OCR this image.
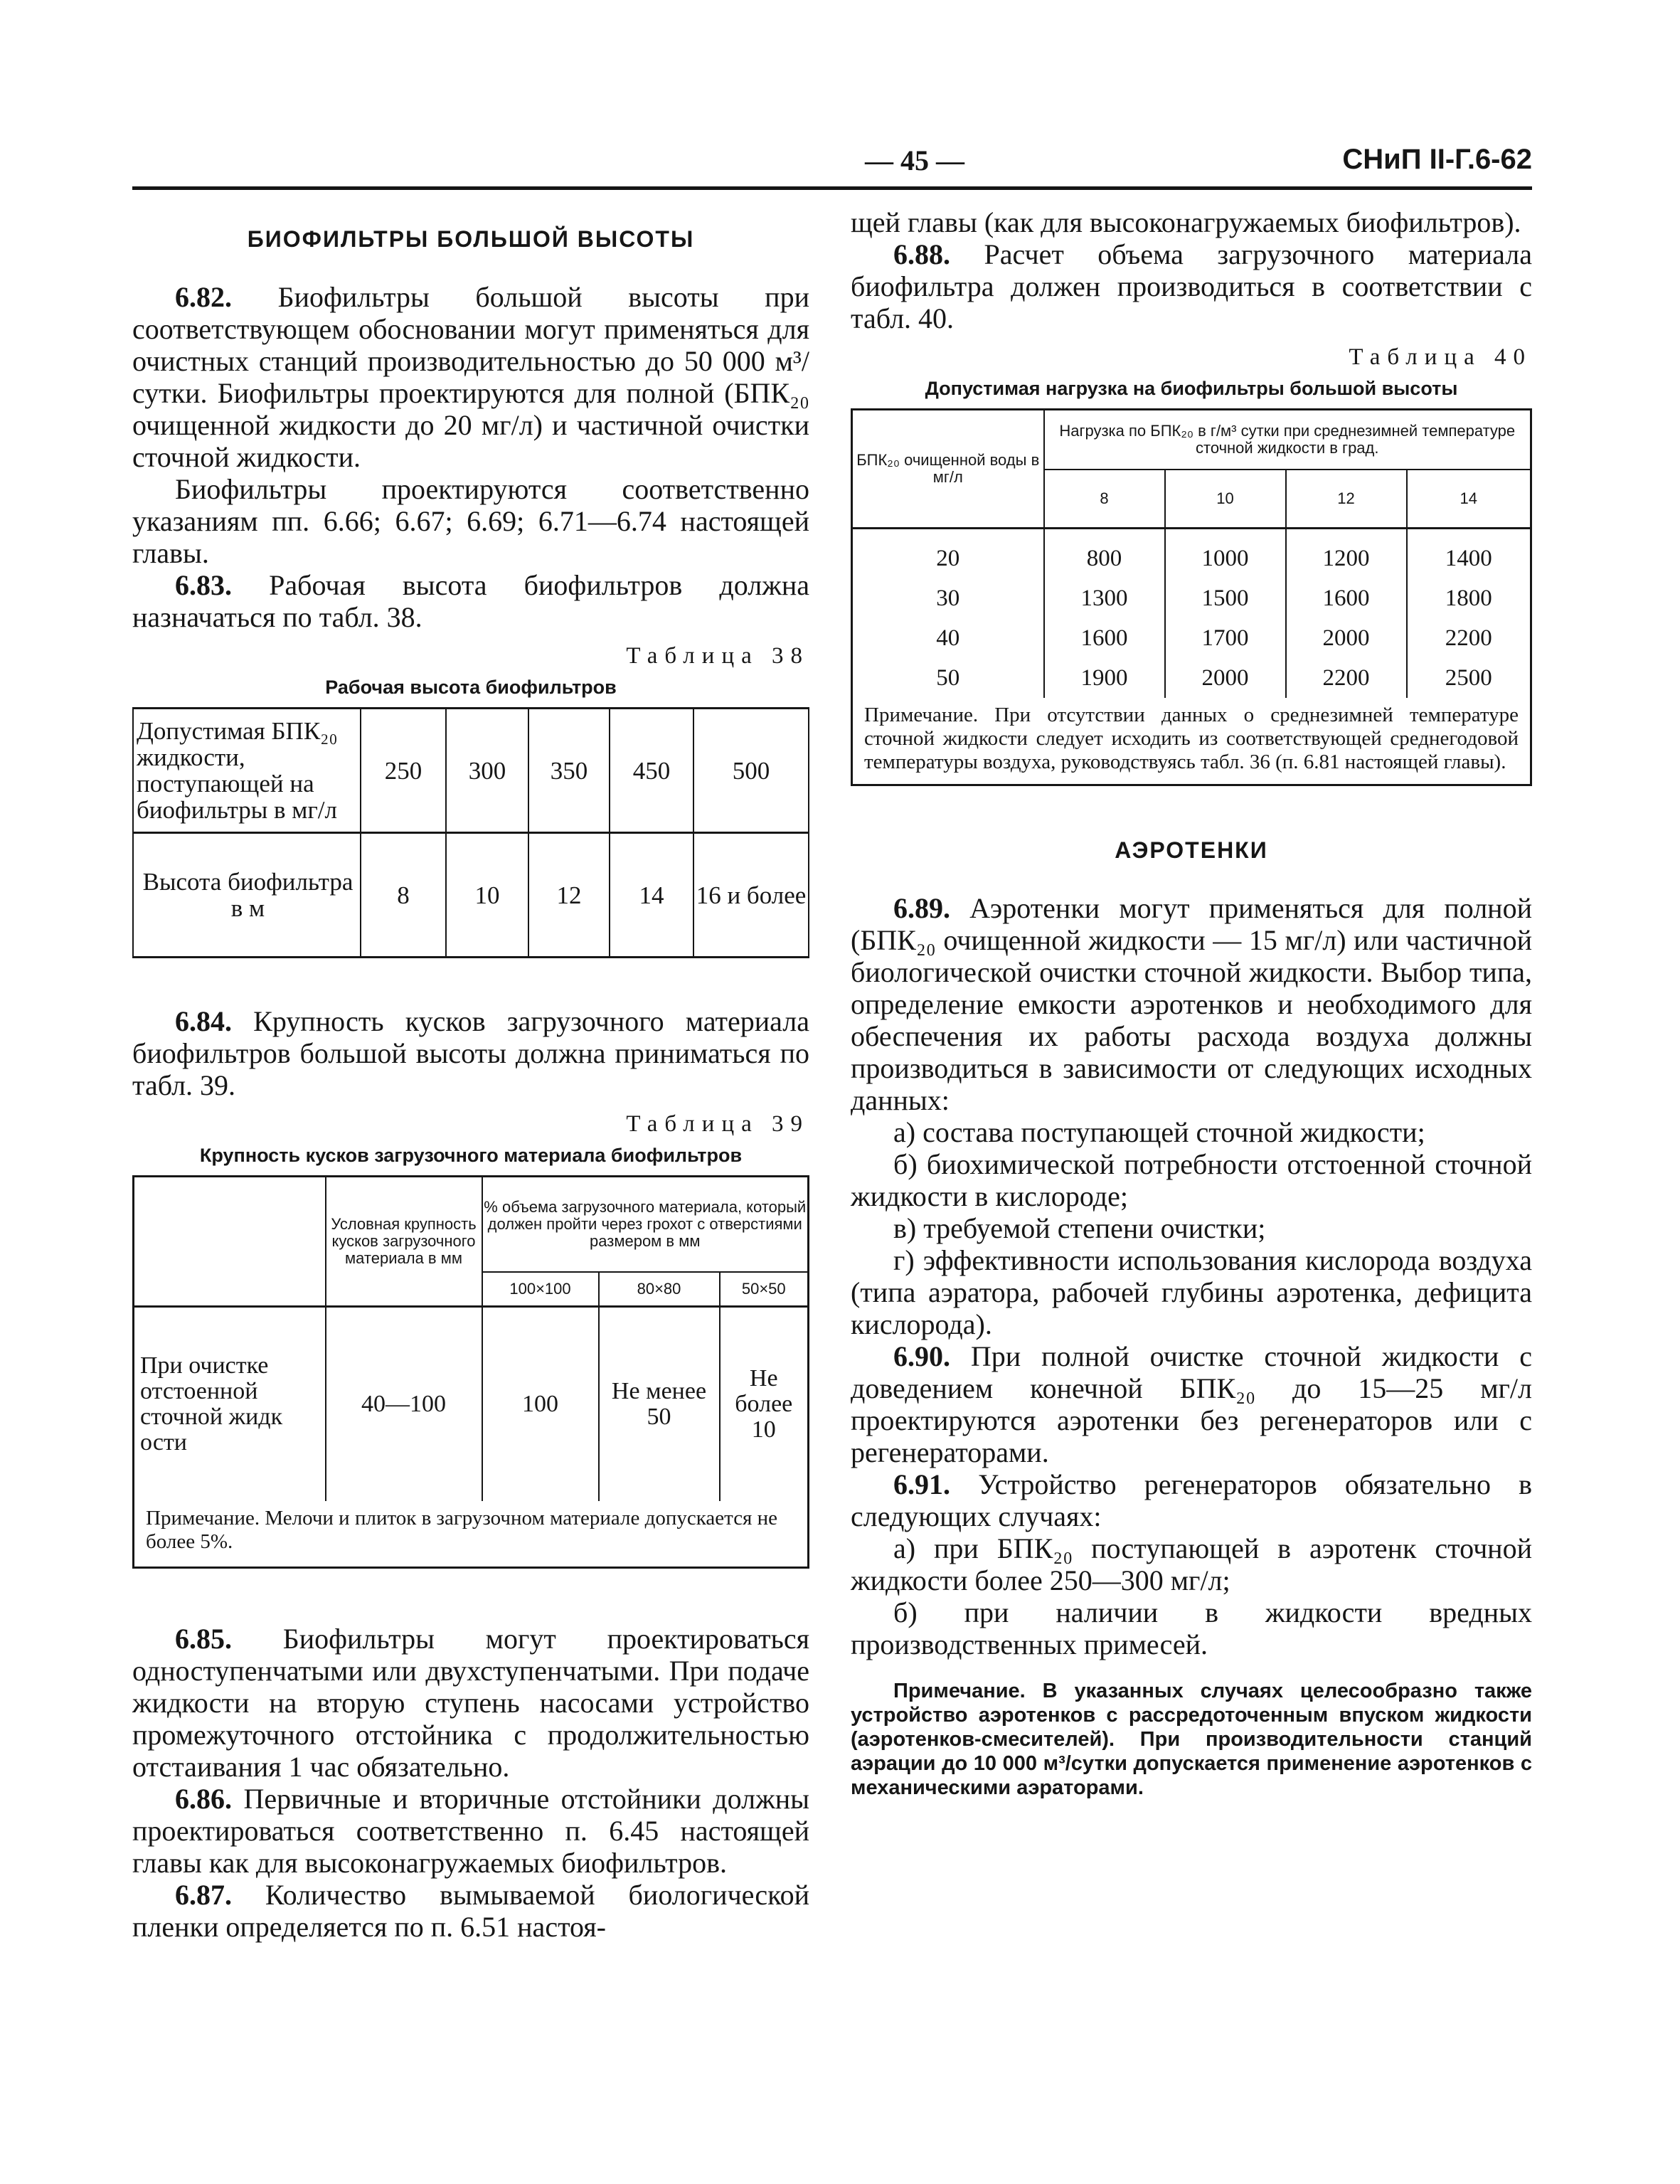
— 45 —	СНиП II-Г.6-62
БИОФИЛЬТРЫ БОЛЬШОЙ ВЫСОТЫ

6.82. Биофильтры большой высоты при соответствующем обосновании могут применяться для очистных станций производительностью до 50 000 м³/сутки. Биофильтры проектируются для полной (БПК₂₀ очищенной жидкости до 20 мг/л) и частичной очистки сточной жидкости.

Биофильтры проектируются соответственно указаниям пп. 6.66; 6.67; 6.69; 6.71—6.74 настоящей главы.

6.83. Рабочая высота биофильтров должна назначаться по табл. 38.

Таблица 38
Рабочая высота биофильтров
Допустимая БПК₂₀ жидкости, поступающей на биофильтры в мг/л	250	300	350	450	500
Высота биофильтра в м	8	10	12	14	16 и более

6.84. Крупность кусков загрузочного материала биофильтров большой высоты должна приниматься по табл. 39.

Таблица 39
Крупность кусков загрузочного материала биофильтров
	Условная крупность кусков загрузочного материала в мм	% объема загрузочного материала, который должен пройти через грохот с отверстиями размером в мм		
		100×100	80×80	50×50
При очистке отстоенной сточной жидк ости	40—100	100	Не менее 50	Не более 10
Примечание. Мелочи и плиток в загрузочном материале допускается не более 5%.				

6.85. Биофильтры могут проектироваться одноступенчатыми или двухступенчатыми. При подаче жидкости на вторую ступень насосами устройство промежуточного отстойника с продолжительностью отстаивания 1 час обязательно.

6.86. Первичные и вторичные отстойники должны проектироваться соответственно п. 6.45 настоящей главы как для высоконагружаемых биофильтров.

6.87. Количество вымываемой биологической пленки определяется по п. 6.51 настоя-

щей главы (как для высоконагружаемых биофильтров).

6.88. Расчет объема загрузочного материала биофильтра должен производиться в соответствии с табл. 40.

Таблица 40
Допустимая нагрузка на биофильтры большой высоты
БПК₂₀ очищенной воды в мг/л	Нагрузка по БПК₂₀ в г/м³ сутки при среднезимней температуре сточной жидкости в град.			
	8	10	12	14
20	800	1000	1200	1400
30	1300	1500	1600	1800
40	1600	1700	2000	2200
50	1900	2000	2200	2500
Примечание. При отсутствии данных о среднезимней температуре сточной жидкости следует исходить из соответствующей среднегодовой температуры воздуха, руководствуясь табл. 36 (п. 6.81 настоящей главы).				
АЭРОТЕНКИ

6.89. Аэротенки могут применяться для полной (БПК₂₀ очищенной жидкости — 15 мг/л) или частичной биологической очистки сточной жидкости. Выбор типа, определение емкости аэротенков и необходимого для обеспечения их работы расхода воздуха должны производиться в зависимости от следующих исходных данных:

а) состава поступающей сточной жидкости;

б) биохимической потребности отстоенной сточной жидкости в кислороде;

в) требуемой степени очистки;

г) эффективности использования кислорода воздуха (типа аэратора, рабочей глубины аэротенка, дефицита кислорода).

6.90. При полной очистке сточной жидкости с доведением конечной БПК₂₀ до 15—25 мг/л проектируются аэротенки без регенераторов или с регенераторами.

6.91. Устройство регенераторов обязательно в следующих случаях:

а) при БПК₂₀ поступающей в аэротенк сточной жидкости более 250—300 мг/л;

б) при наличии в жидкости вредных производственных примесей.

Примечание. В указанных случаях целесообразно также устройство аэротенков с рассредоточенным впуском жидкости (аэротенков-смесителей). При производительности станций аэрации до 10 000 м³/сутки допускается применение аэротенков с механическими аэраторами.
